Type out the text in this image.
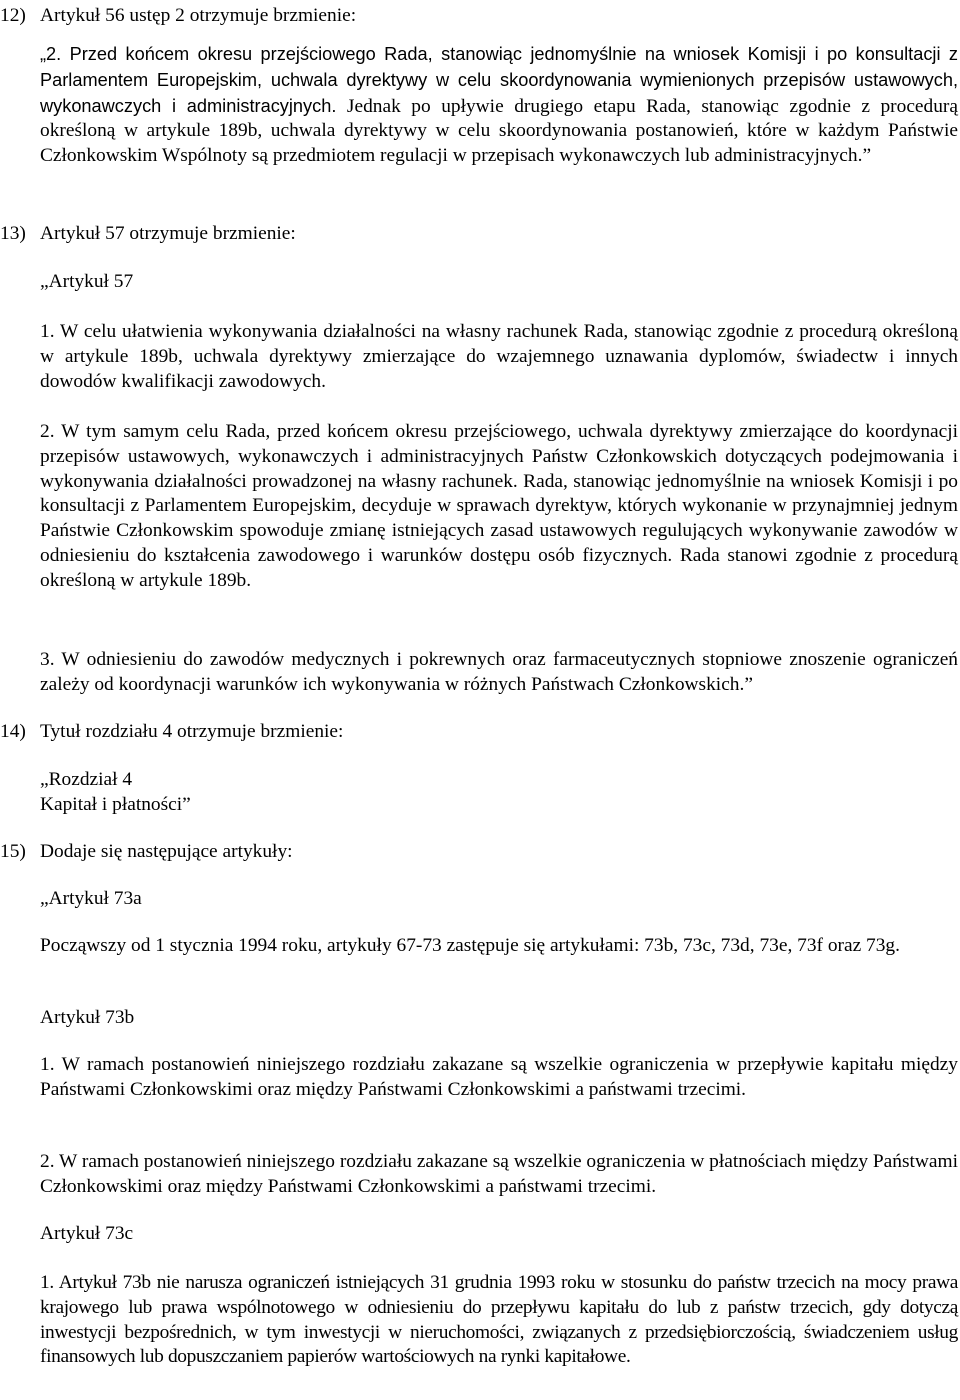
12) Artykuł 56 ustęp 2 otrzymuje brzmienie:

„2. Przed końcem okresu przejściowego Rada, stanowiąc jednomyślnie na wniosek Komisji i po konsultacji z Parlamentem Europejskim, uchwala dyrektywy w celu skoordynowania wymienionych przepisów ustawowych, wykonawczych i administracyjnych. Jednak po upływie drugiego etapu Rada, stanowiąc zgodnie z procedurą określoną w artykule 189b, uchwala dyrektywy w celu skoordynowania postanowień, które w każdym Państwie Członkowskim Wspólnoty są przedmiotem regulacji w przepisach wykonawczych lub administracyjnych.”

13) Artykuł 57 otrzymuje brzmienie:

„Artykuł 57

1. W celu ułatwienia wykonywania działalności na własny rachunek Rada, stanowiąc zgodnie z procedurą określoną w artykule 189b, uchwala dyrektywy zmierzające do wzajemnego uznawania dyplomów, świadectw i innych dowodów kwalifikacji zawodowych.

2. W tym samym celu Rada, przed końcem okresu przejściowego, uchwala dyrektywy zmierzające do koordynacji przepisów ustawowych, wykonawczych i administracyjnych Państw Członkowskich dotyczących podejmowania i wykonywania działalności prowadzonej na własny rachunek. Rada, stanowiąc jednomyślnie na wniosek Komisji i po konsultacji z Parlamentem Europejskim, decyduje w sprawach dyrektyw, których wykonanie w przynajmniej jednym Państwie Członkowskim spowoduje zmianę istniejących zasad ustawowych regulujących wykonywanie zawodów w odniesieniu do kształcenia zawodowego i warunków dostępu osób fizycznych. Rada stanowi zgodnie z procedurą określoną w artykule 189b.

3. W odniesieniu do zawodów medycznych i pokrewnych oraz farmaceutycznych stopniowe znoszenie ograniczeń zależy od koordynacji warunków ich wykonywania w różnych Państwach Członkowskich.”

14) Tytuł rozdziału 4 otrzymuje brzmienie:

„Rozdział 4

Kapitał i płatności”

15) Dodaje się następujące artykuły:

„Artykuł 73a

Począwszy od 1 stycznia 1994 roku, artykuły 67-73 zastępuje się artykułami: 73b, 73c, 73d, 73e, 73f oraz 73g.

Artykuł 73b

1. W ramach postanowień niniejszego rozdziału zakazane są wszelkie ograniczenia w przepływie kapitału między Państwami Członkowskimi oraz między Państwami Członkowskimi a państwami trzecimi.

2. W ramach postanowień niniejszego rozdziału zakazane są wszelkie ograniczenia w płatnościach między Państwami Członkowskimi oraz między Państwami Członkowskimi a państwami trzecimi.

Artykuł 73c

1. Artykuł 73b nie narusza ograniczeń istniejących 31 grudnia 1993 roku w stosunku do państw trzecich na mocy prawa krajowego lub prawa wspólnotowego w odniesieniu do przepływu kapitału do lub z państw trzecich, gdy dotyczą inwestycji bezpośrednich, w tym inwestycji w nieruchomości, związanych z przedsiębiorczością, świadczeniem usług finansowych lub dopuszczaniem papierów wartościowych na rynki kapitałowe.
